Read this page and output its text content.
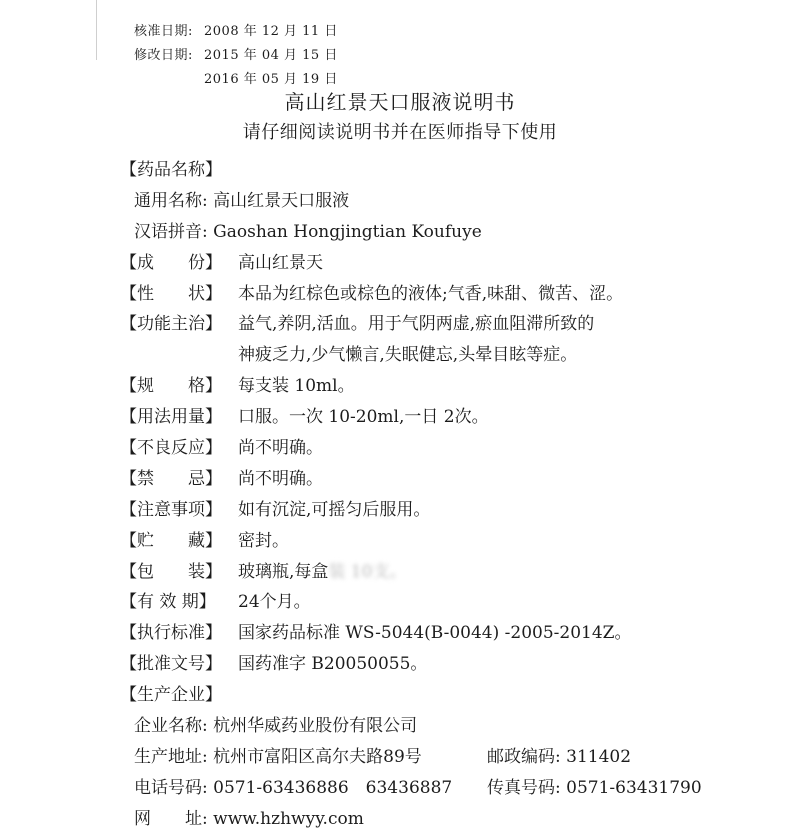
核准日期: 2008 年 12 月 11 日
修改日期: 2015 年 04 月 15 日
2016 年 05 月 19 日
高山红景天口服液说明书
请仔细阅读说明书并在医师指导下使用
【药品名称】
通用名称: 高山红景天口服液
汉语拼音: Gaoshan Hongjingtian Koufuye
【成　　份】 高山红景天
【性　　状】 本品为红棕色或棕色的液体;气香,味甜、微苦、涩。
【功能主治】 益气,养阴,活血。用于气阴两虚,瘀血阻滞所致的
神疲乏力,少气懒言,失眠健忘,头晕目眩等症。
【规　　格】 每支装 10ml。
【用法用量】 口服。一次 10-20ml,一日 2次。
【不良反应】 尚不明确。
【禁　　忌】 尚不明确。
【注意事项】 如有沉淀,可摇匀后服用。
【贮　　藏】 密封。
【包　　装】 玻璃瓶,每盒装 10支。
【有 效 期】 24个月。
【执行标准】 国家药品标准 WS-5044(B-0044) -2005-2014Z。
【批准文号】 国药准字 B20050055。
【生产企业】
企业名称: 杭州华威药业股份有限公司
生产地址: 杭州市富阳区高尔夫路89号	邮政编码: 311402
电话号码: 0571-63436886　63436887 传真号码: 0571-63431790
网　　址: www.hzhwyy.com
